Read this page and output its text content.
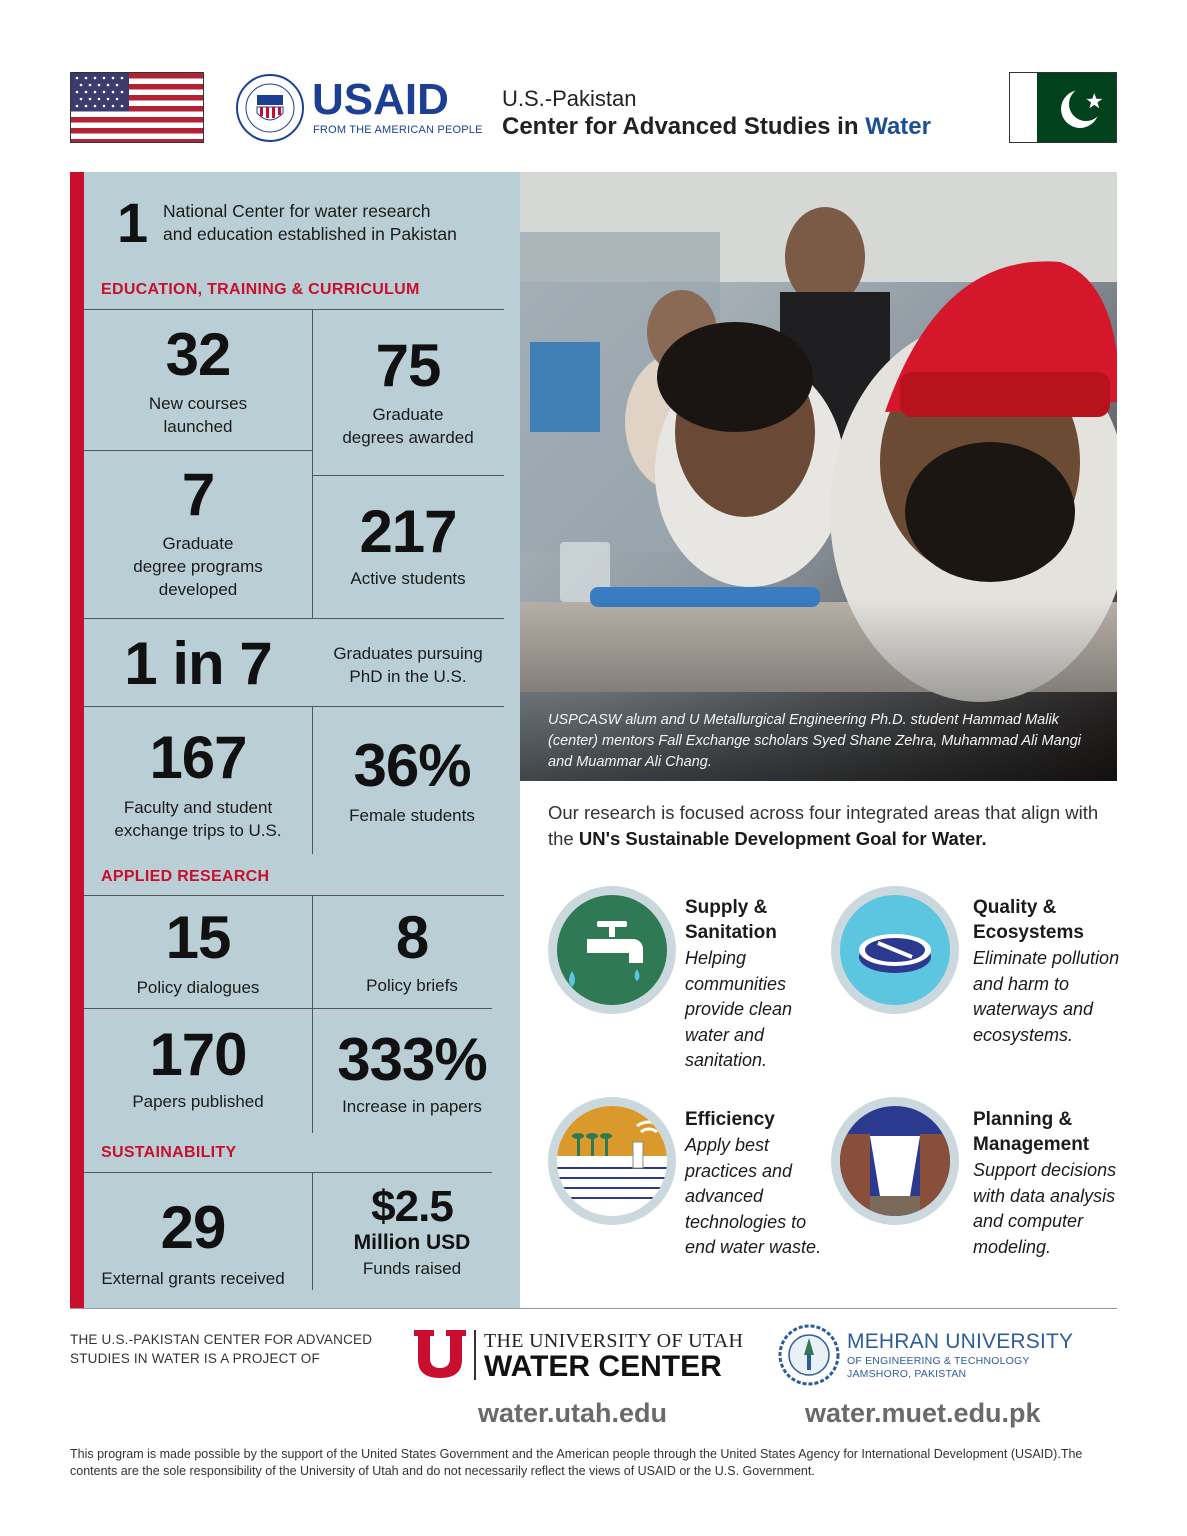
USAID
FROM THE AMERICAN PEOPLE
U.S.-Pakistan
Center for Advanced Studies in Water
1 National Center for water research
and education established in Pakistan
EDUCATION, TRAINING & CURRICULUM
32
New courses
launched
75
Graduate
degrees awarded
7
Graduate
degree programs
developed
217
Active students
1 in 7	Graduates pursuing
PhD in the U.S.
167
Faculty and student
exchange trips to U.S.
36%
Female students
APPLIED RESEARCH
15
Policy dialogues
8
Policy briefs
170
Papers published
333%
Increase in papers
SUSTAINABILITY
29
External grants received
$2.5
Million USD
Funds raised
USPCASW alum and U Metallurgical Engineering Ph.D. student Hammad Malik (center) mentors Fall Exchange scholars Syed Shane Zehra, Muhammad Ali Mangi and Muammar Ali Chang.
Our research is focused across four integrated areas that align with the UN's Sustainable Development Goal for Water.
Supply &
Sanitation
Helping
communities
provide clean
water and
sanitation.
Quality &
Ecosystems
Eliminate pollution
and harm to
waterways and
ecosystems.
Efficiency
Apply best
practices and
advanced
technologies to
end water waste.
Planning &
Management
Support decisions
with data analysis
and computer
modeling.
THE U.S.-PAKISTAN CENTER FOR ADVANCED
STUDIES IN WATER IS A PROJECT OF
THE UNIVERSITY OF UTAH
WATER CENTER
MEHRAN UNIVERSITY
OF ENGINEERING & TECHNOLOGY
JAMSHORO, PAKISTAN
water.utah.edu	water.muet.edu.pk
This program is made possible by the support of the United States Government and the American people through the United States Agency for International Development (USAID).The contents are the sole responsibility of the University of Utah and do not necessarily reflect the views of USAID or the U.S. Government.
